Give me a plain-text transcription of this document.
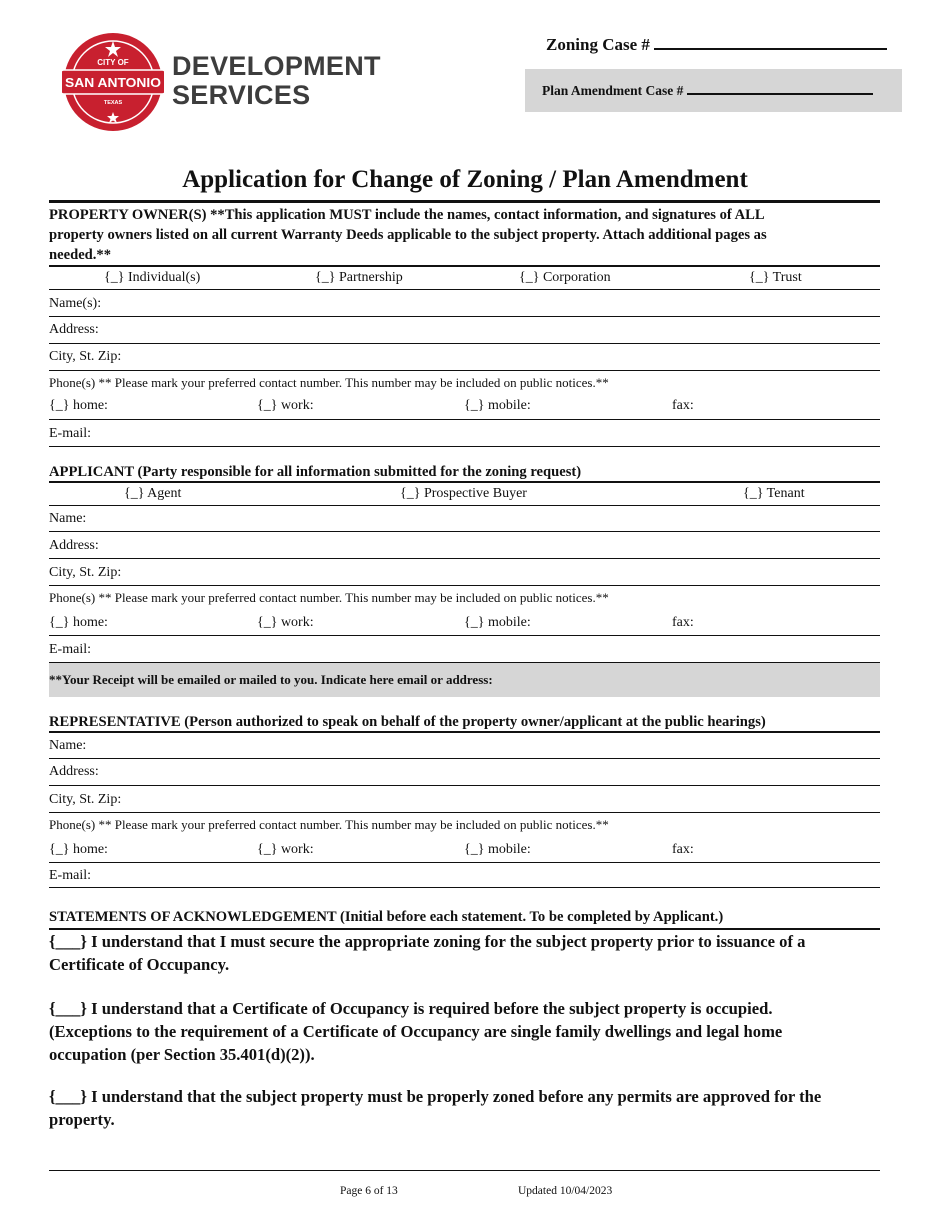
CITY OF
SAN ANTONIO
TEXAS
DEVELOPMENT
SERVICES
Zoning Case #
Plan Amendment Case #
Application for Change of Zoning / Plan Amendment
PROPERTY OWNER(S) **This application MUST include the names, contact information, and signatures of ALL
property owners listed on all current Warranty Deeds applicable to the subject property. Attach additional pages as
needed.**
{_} Individual(s)	{_} Partnership	{_} Corporation	{_} Trust
Name(s):
Address:
City, St. Zip:
Phone(s) ** Please mark your preferred contact number. This number may be included on public notices.**
{_} home:	{_} work:	{_} mobile:	fax:
E-mail:
APPLICANT (Party responsible for all information submitted for the zoning request)
{_} Agent	{_} Prospective Buyer	{_} Tenant
Name:
Address:
City, St. Zip:
Phone(s) ** Please mark your preferred contact number. This number may be included on public notices.**
{_} home:	{_} work:	{_} mobile:	fax:
E-mail:
**Your Receipt will be emailed or mailed to you. Indicate here email or address:
REPRESENTATIVE (Person authorized to speak on behalf of the property owner/applicant at the public hearings)
Name:
Address:
City, St. Zip:
Phone(s) ** Please mark your preferred contact number. This number may be included on public notices.**
{_} home:	{_} work:	{_} mobile:	fax:
E-mail:
STATEMENTS OF ACKNOWLEDGEMENT (Initial before each statement. To be completed by Applicant.)
{___} I understand that I must secure the appropriate zoning for the subject property prior to issuance of a
Certificate of Occupancy.
{___} I understand that a Certificate of Occupancy is required before the subject property is occupied.
(Exceptions to the requirement of a Certificate of Occupancy are single family dwellings and legal home
occupation (per Section 35.401(d)(2)).
{___} I understand that the subject property must be properly zoned before any permits are approved for the
property.
Page 6 of 13	Updated 10/04/2023
